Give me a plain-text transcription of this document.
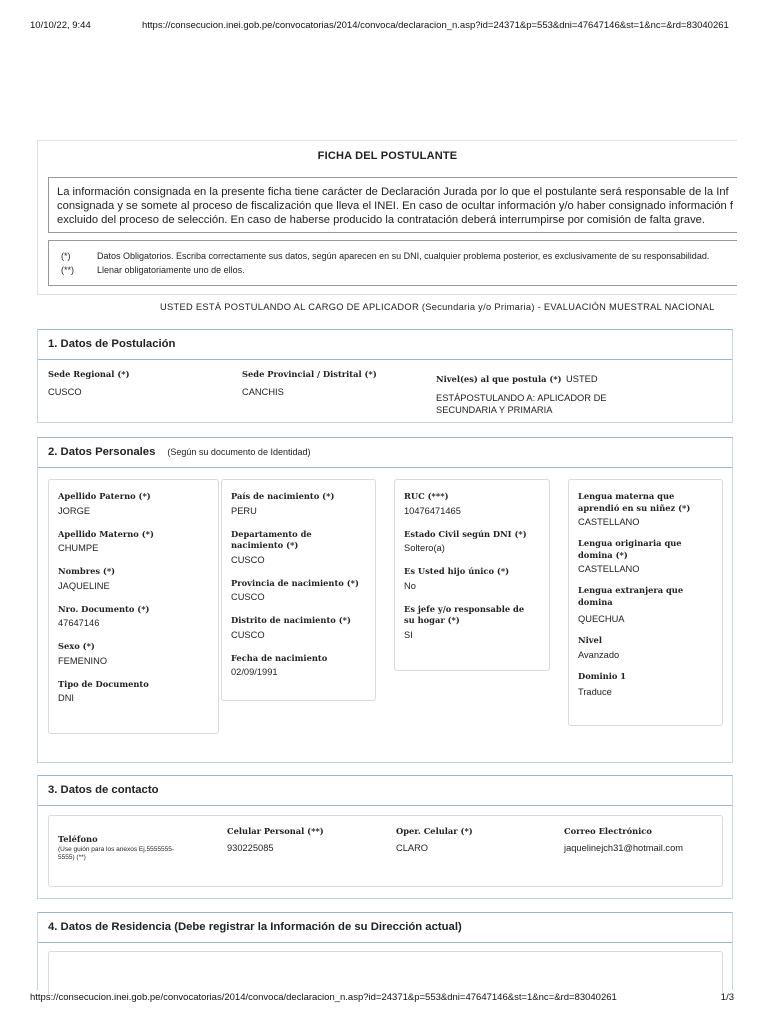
10/10/22, 9:44	https://consecucion.inei.gob.pe/convocatorias/2014/convoca/declaracion_n.asp?id=24371&p=553&dni=47647146&st=1&nc=&rd=83040261
FICHA DEL POSTULANTE
La información consignada en la presente ficha tiene carácter de Declaración Jurada por lo que el postulante será responsable de la Inf
consignada y se somete al proceso de fiscalización que lleva el INEI. En caso de ocultar información y/o haber consignado información f
excluido del proceso de selección. En caso de haberse producido la contratación deberá interrumpirse por comisión de falta grave.
(*)	Datos Obligatorios. Escriba correctamente sus datos, según aparecen en su DNI, cualquier problema posterior, es exclusivamente de su responsabilidad.
(**)	Llenar obligatoriamente uno de ellos.
USTED ESTÁ POSTULANDO AL CARGO DE APLICADOR (Secundaria y/o Primaria) - EVALUACIÓN MUESTRAL NACIONAL
1. Datos de Postulación
Sede Regional (*)
CUSCO
Sede Provincial / Distrital (*)
CANCHIS
Nivel(es) al que postula (*) USTED
ESTÁPOSTULANDO A: APLICADOR DE
SECUNDARIA Y PRIMARIA
2. Datos Personales (Según su documento de Identidad)
Apellido Paterno (*)
JORGE
Apellido Materno (*)
CHUMPE
Nombres (*)
JAQUELINE
Nro. Documento (*)
47647146
Sexo (*)
FEMENINO
Tipo de Documento
DNI
País de nacimiento (*)
PERU
Departamento de
nacimiento (*)
CUSCO
Provincia de nacimiento (*)
CUSCO
Distrito de nacimiento (*)
CUSCO
Fecha de nacimiento
02/09/1991
RUC (***)
10476471465
Estado Civil según DNI (*)
Soltero(a)
Es Usted hijo único (*)
No
Es jefe y/o responsable de
su hogar (*)
SI
Lengua materna que
aprendió en su niñez (*)
CASTELLANO
Lengua originaria que
domina (*)
CASTELLANO
Lengua extranjera que
domina
QUECHUA
Nivel
Avanzado
Dominio 1
Traduce
3. Datos de contacto
Teléfono
(Use guión para los anexos Ej.5555555-
5555) (**)
Celular Personal (**)
930225085
Oper. Celular (*)
CLARO
Correo Electrónico
jaquelinejch31@hotmail.com
4. Datos de Residencia (Debe registrar la Información de su Dirección actual)
https://consecucion.inei.gob.pe/convocatorias/2014/convoca/declaracion_n.asp?id=24371&p=553&dni=47647146&st=1&nc=&rd=83040261	1/3
